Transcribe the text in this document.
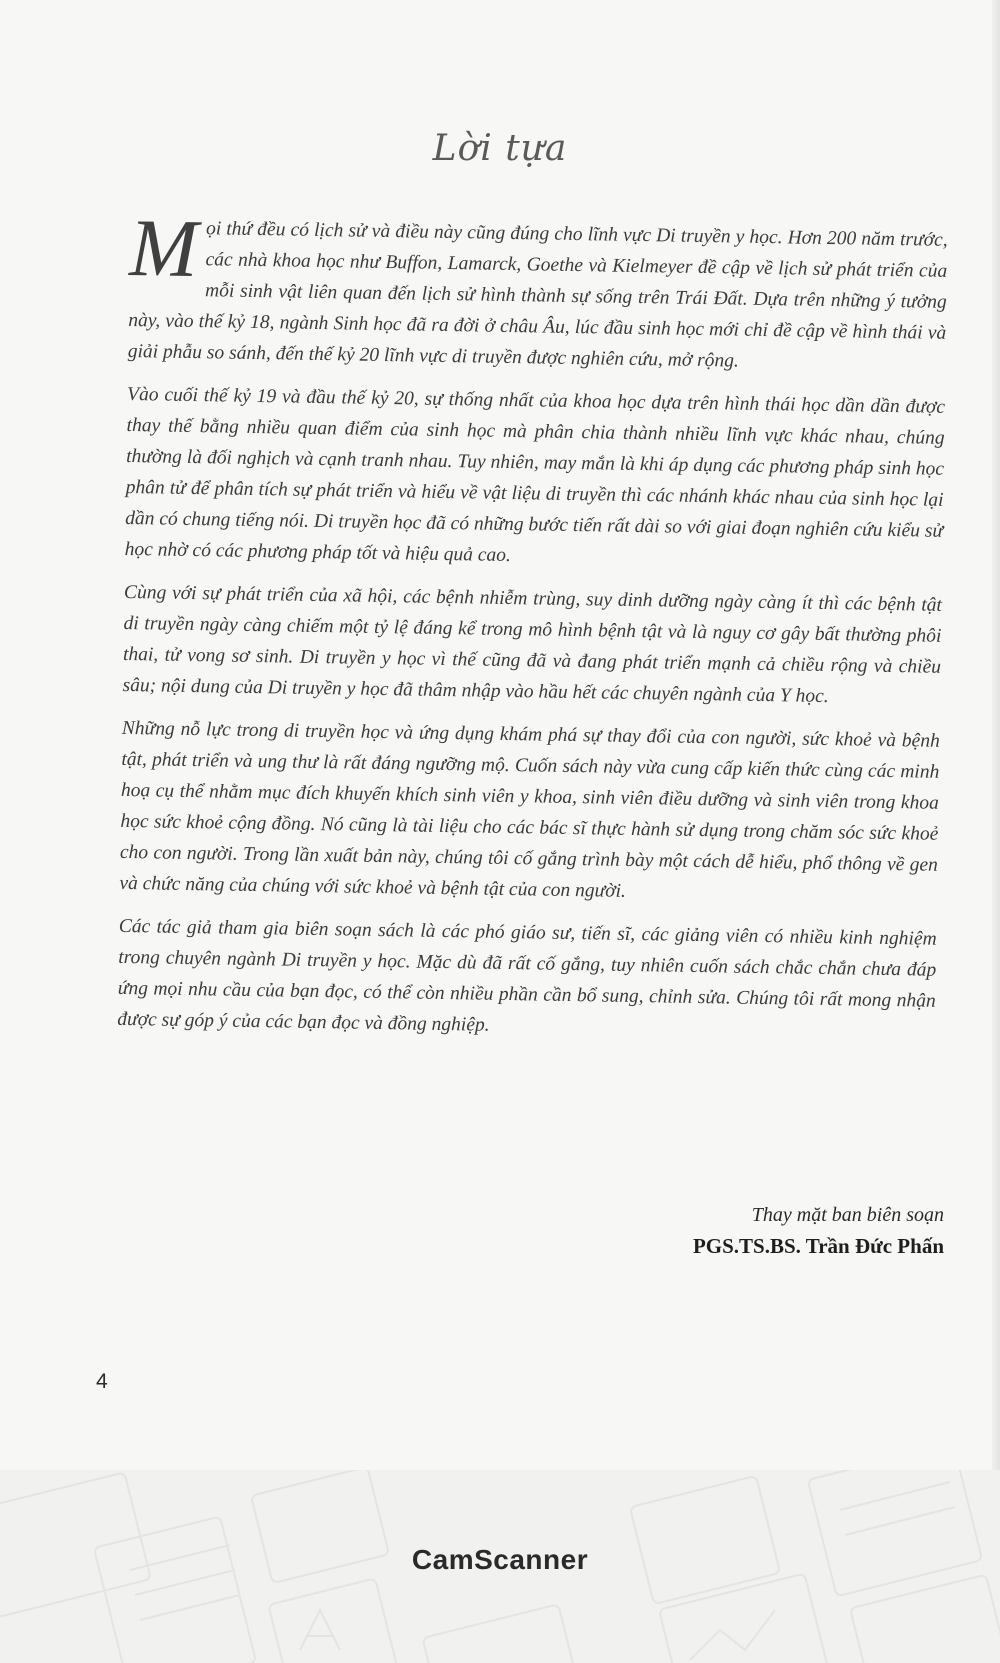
Lời tựa

Mọi thứ đều có lịch sử và điều này cũng đúng cho lĩnh vực Di truyền y học. Hơn 200 năm trước, các nhà khoa học như Buffon, Lamarck, Goethe và Kielmeyer đề cập về lịch sử phát triển của mỗi sinh vật liên quan đến lịch sử hình thành sự sống trên Trái Đất. Dựa trên những ý tưởng này, vào thế kỷ 18, ngành Sinh học đã ra đời ở châu Âu, lúc đầu sinh học mới chỉ đề cập về hình thái và giải phẫu so sánh, đến thế kỷ 20 lĩnh vực di truyền được nghiên cứu, mở rộng.

Vào cuối thế kỷ 19 và đầu thế kỷ 20, sự thống nhất của khoa học dựa trên hình thái học dần dần được thay thế bằng nhiều quan điểm của sinh học mà phân chia thành nhiều lĩnh vực khác nhau, chúng thường là đối nghịch và cạnh tranh nhau. Tuy nhiên, may mắn là khi áp dụng các phương pháp sinh học phân tử để phân tích sự phát triển và hiểu về vật liệu di truyền thì các nhánh khác nhau của sinh học lại dần có chung tiếng nói. Di truyền học đã có những bước tiến rất dài so với giai đoạn nghiên cứu kiểu sử học nhờ có các phương pháp tốt và hiệu quả cao.

Cùng với sự phát triển của xã hội, các bệnh nhiễm trùng, suy dinh dưỡng ngày càng ít thì các bệnh tật di truyền ngày càng chiếm một tỷ lệ đáng kể trong mô hình bệnh tật và là nguy cơ gây bất thường phôi thai, tử vong sơ sinh. Di truyền y học vì thế cũng đã và đang phát triển mạnh cả chiều rộng và chiều sâu; nội dung của Di truyền y học đã thâm nhập vào hầu hết các chuyên ngành của Y học.

Những nỗ lực trong di truyền học và ứng dụng khám phá sự thay đổi của con người, sức khoẻ và bệnh tật, phát triển và ung thư là rất đáng ngưỡng mộ. Cuốn sách này vừa cung cấp kiến thức cùng các minh hoạ cụ thể nhằm mục đích khuyến khích sinh viên y khoa, sinh viên điều dưỡng và sinh viên trong khoa học sức khoẻ cộng đồng. Nó cũng là tài liệu cho các bác sĩ thực hành sử dụng trong chăm sóc sức khoẻ cho con người. Trong lần xuất bản này, chúng tôi cố gắng trình bày một cách dễ hiểu, phổ thông về gen và chức năng của chúng với sức khoẻ và bệnh tật của con người.

Các tác giả tham gia biên soạn sách là các phó giáo sư, tiến sĩ, các giảng viên có nhiều kinh nghiệm trong chuyên ngành Di truyền y học. Mặc dù đã rất cố gắng, tuy nhiên cuốn sách chắc chắn chưa đáp ứng mọi nhu cầu của bạn đọc, có thể còn nhiều phần cần bổ sung, chỉnh sửa. Chúng tôi rất mong nhận được sự góp ý của các bạn đọc và đồng nghiệp.

Thay mặt ban biên soạn
PGS.TS.BS. Trần Đức Phấn
4
CamScanner
